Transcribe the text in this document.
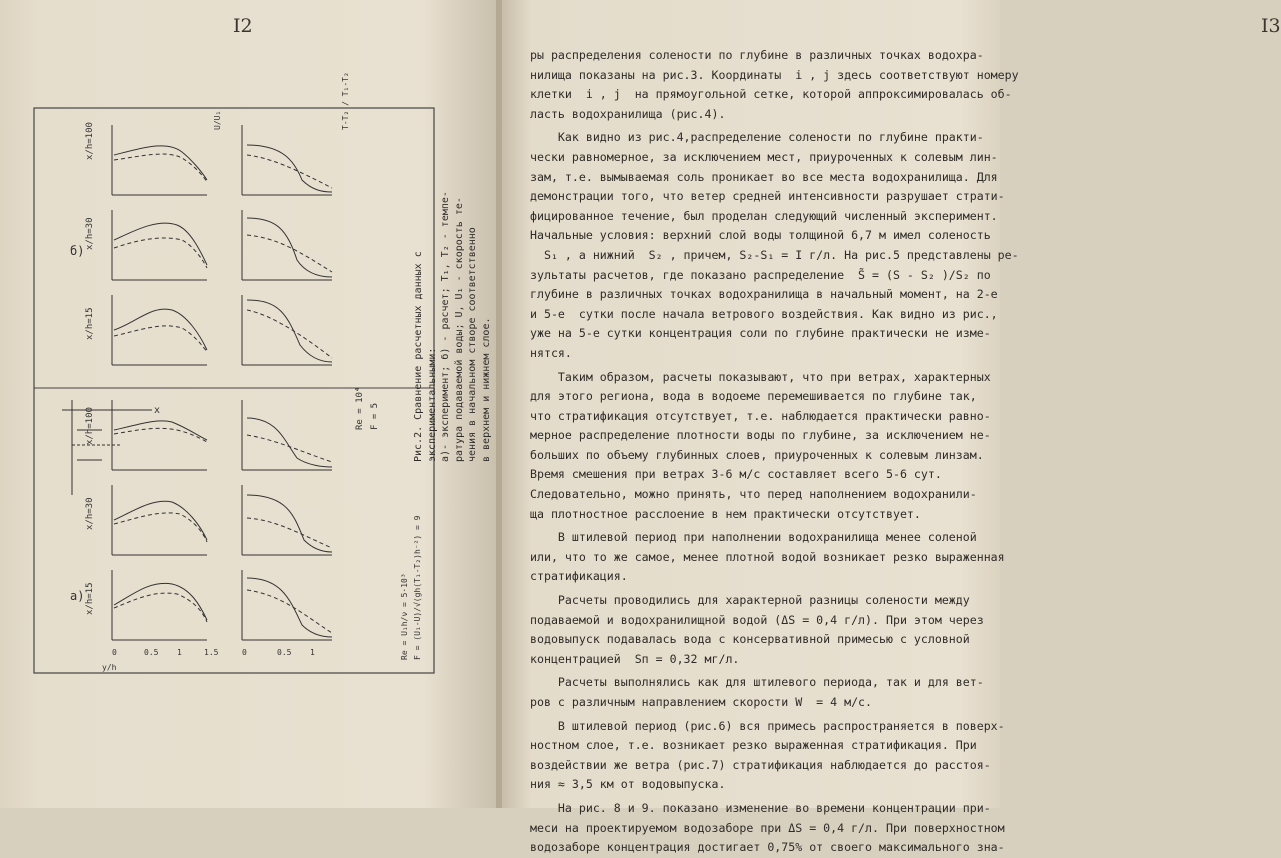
I2
б)
x/h=100
x/h=30
x/h=15
а)
x
x/h=100
x/h=30
x/h=15
Re = 10⁴ F = 5
Re = U₁h/ν = 5·10³ F = (U₁-U)/√(gh(T₁-T₂)h⁻²) = 9
0	0.5 1	1.5	0	0.5 1
U/U₁	T-T₂ / T₁-T₂
y/h
Рис.2. Сравнение расчетных данных с экспериментальными: а)- эксперимент; б) - расчет; T₁, T₂ - темпе- ратура подаваемой воды; U, U₁ - скорость те- чения в начальном створе соответственно в верхнем и нижнем слое.
I3
ры распределения солености по глубине в различных точках водохра-
нилища показаны на рис.3. Координаты  i , j здесь соответствуют номеру
клетки  i , j  на прямоугольной сетке, которой аппроксимировалась об-
ласть водохранилища (рис.4).
Как видно из рис.4,распределение солености по глубине практи-
чески равномерное, за исключением мест, приуроченных к солевым лин-
зам, т.е. вымываемая соль проникает во все места водохранилища. Для
демонстрации того, что ветер средней интенсивности разрушает страти-
фицированное течение, был проделан следующий численный эксперимент.
Начальные условия: верхний слой воды толщиной 6,7 м имел соленость
S₁ , а нижний  S₂ , причем, S₂-S₁ = I г/л. На рис.5 представлены ре-
зультаты расчетов, где показано распределение  S̃ = (S - S₂ )/S₂ по
глубине в различных точках водохранилища в начальный момент, на 2-е
и 5-е  сутки после начала ветрового воздействия. Как видно из рис.,
уже на 5-е сутки концентрация соли по глубине практически не изме-
нятся.
Таким образом, расчеты показывают, что при ветрах, характерных
для этого региона, вода в водоеме перемешивается по глубине так,
что стратификация отсутствует, т.е. наблюдается практически равно-
мерное распределение плотности воды по глубине, за исключением не-
больших по объему глубинных слоев, приуроченных к солевым линзам.
Время смешения при ветрах 3-6 м/с составляет всего 5-6 сут.
Следовательно, можно принять, что перед наполнением водохранили-
ща плотностное расслоение в нем практически отсутствует.
В штилевой период при наполнении водохранилища менее соленой
или, что то же самое, менее плотной водой возникает резко выраженная
стратификация.
Расчеты проводились для характерной разницы солености между
подаваемой и водохранилищной водой (ΔS = 0,4 г/л). При этом через
водовыпуск подавалась вода с консервативной примесью с условной
концентрацией  Sп = 0,32 мг/л.
Расчеты выполнялись как для штилевого периода, так и для вет-
ров с различным направлением скорости W  = 4 м/с.
В штилевой период (рис.6) вся примесь распространяется в поверх-
ностном слое, т.е. возникает резко выраженная стратификация. При
воздействии же ветра (рис.7) стратификация наблюдается до расстоя-
ния ≈ 3,5 км от водовыпуска.
На рис. 8 и 9. показано изменение во времени концентрации при-
меси на проектируемом водозаборе при ΔS = 0,4 г/л. При поверхностном
водозаборе концентрация достигает 0,75% от своего максимального зна-
